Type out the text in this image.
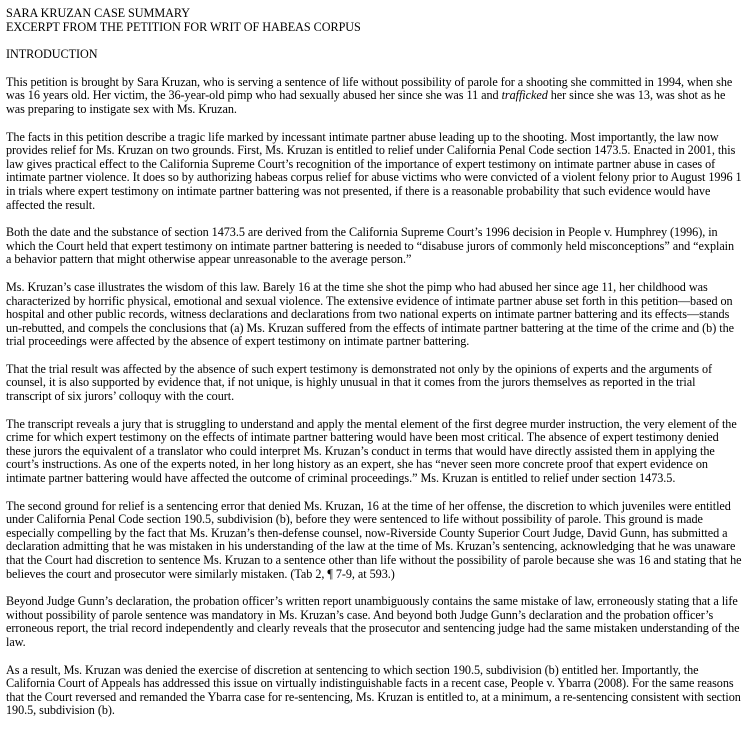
SARA KRUZAN CASE SUMMARY

EXCERPT FROM THE PETITION FOR WRIT OF HABEAS CORPUS

INTRODUCTION

This petition is brought by Sara Kruzan, who is serving a sentence of life without possibility of parole for a shooting she committed in 1994, when she was 16 years old. Her victim, the 36-year-old pimp who had sexually abused her since she was 11 and trafficked her since she was 13, was shot as he was preparing to instigate sex with Ms. Kruzan.

The facts in this petition describe a tragic life marked by incessant intimate partner abuse leading up to the shooting. Most importantly, the law now provides relief for Ms. Kruzan on two grounds. First, Ms. Kruzan is entitled to relief under California Penal Code section 1473.5. Enacted in 2001, this law gives practical effect to the California Supreme Court’s recognition of the importance of expert testimony on intimate partner abuse in cases of intimate partner violence. It does so by authorizing habeas corpus relief for abuse victims who were convicted of a violent felony prior to August 1996 1 in trials where expert testimony on intimate partner battering was not presented, if there is a reasonable probability that such evidence would have affected the result.

Both the date and the substance of section 1473.5 are derived from the California Supreme Court’s 1996 decision in People v. Humphrey (1996), in which the Court held that expert testimony on intimate partner battering is needed to “disabuse jurors of commonly held misconceptions” and “explain a behavior pattern that might otherwise appear unreasonable to the average person.”

Ms. Kruzan’s case illustrates the wisdom of this law. Barely 16 at the time she shot the pimp who had abused her since age 11, her childhood was characterized by horrific physical, emotional and sexual violence. The extensive evidence of intimate partner abuse set forth in this petition—based on hospital and other public records, witness declarations and declarations from two national experts on intimate partner battering and its effects—stands un-rebutted, and compels the conclusions that (a) Ms. Kruzan suffered from the effects of intimate partner battering at the time of the crime and (b) the trial proceedings were affected by the absence of expert testimony on intimate partner battering.

That the trial result was affected by the absence of such expert testimony is demonstrated not only by the opinions of experts and the arguments of counsel, it is also supported by evidence that, if not unique, is highly unusual in that it comes from the jurors themselves as reported in the trial transcript of six jurors’ colloquy with the court.

The transcript reveals a jury that is struggling to understand and apply the mental element of the first degree murder instruction, the very element of the crime for which expert testimony on the effects of intimate partner battering would have been most critical. The absence of expert testimony denied these jurors the equivalent of a translator who could interpret Ms. Kruzan’s conduct in terms that would have directly assisted them in applying the court’s instructions. As one of the experts noted, in her long history as an expert, she has “never seen more concrete proof that expert evidence on intimate partner battering would have affected the outcome of criminal proceedings.” Ms. Kruzan is entitled to relief under section 1473.5.

The second ground for relief is a sentencing error that denied Ms. Kruzan, 16 at the time of her offense, the discretion to which juveniles were entitled under California Penal Code section 190.5, subdivision (b), before they were sentenced to life without possibility of parole. This ground is made especially compelling by the fact that Ms. Kruzan’s then-defense counsel, now-Riverside County Superior Court Judge, David Gunn, has submitted a declaration admitting that he was mistaken in his understanding of the law at the time of Ms. Kruzan’s sentencing, acknowledging that he was unaware that the Court had discretion to sentence Ms. Kruzan to a sentence other than life without the possibility of parole because she was 16 and stating that he believes the court and prosecutor were similarly mistaken. (Tab 2, ¶ 7-9, at 593.)

Beyond Judge Gunn’s declaration, the probation officer’s written report unambiguously contains the same mistake of law, erroneously stating that a life without possibility of parole sentence was mandatory in Ms. Kruzan’s case. And beyond both Judge Gunn’s declaration and the probation officer’s erroneous report, the trial record independently and clearly reveals that the prosecutor and sentencing judge had the same mistaken understanding of the law.

As a result, Ms. Kruzan was denied the exercise of discretion at sentencing to which section 190.5, subdivision (b) entitled her. Importantly, the California Court of Appeals has addressed this issue on virtually indistinguishable facts in a recent case, People v. Ybarra (2008). For the same reasons that the Court reversed and remanded the Ybarra case for re-sentencing, Ms. Kruzan is entitled to, at a minimum, a re-sentencing consistent with section 190.5, subdivision (b).
